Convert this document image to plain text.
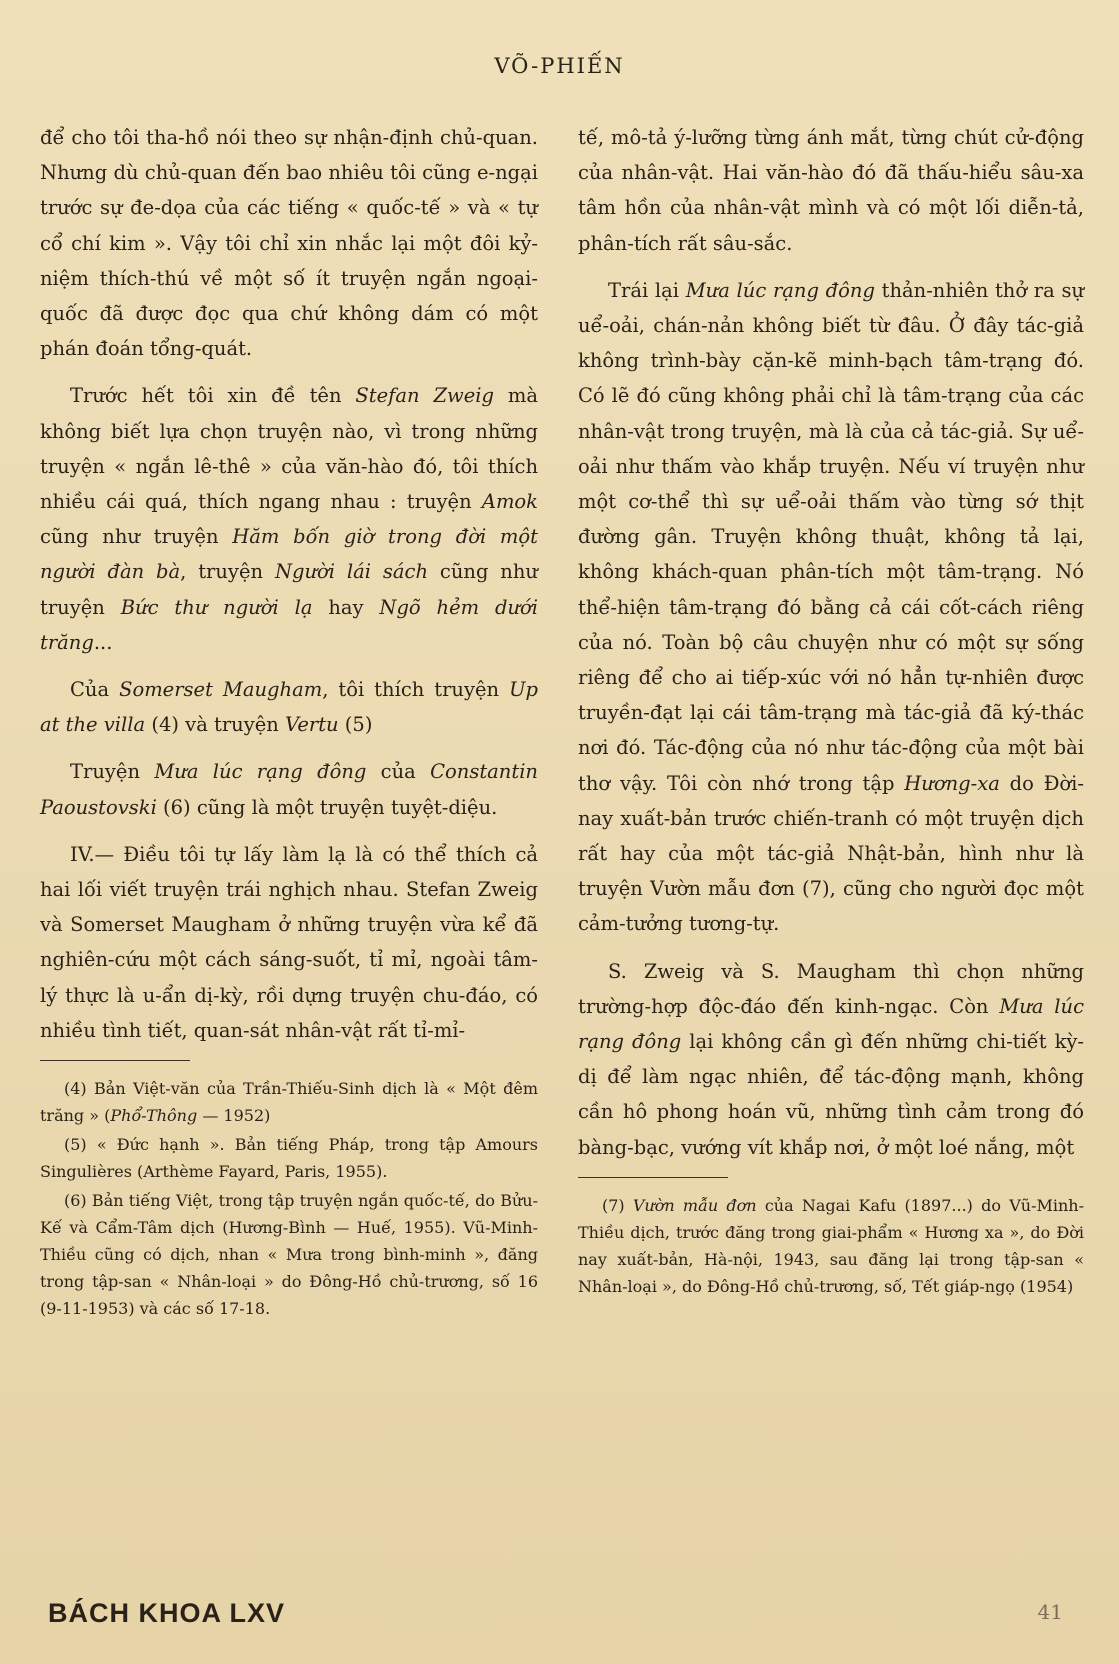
VÕ-PHIẾN

để cho tôi tha-hồ nói theo sự nhận-định chủ-quan. Nhưng dù chủ-quan đến bao nhiêu tôi cũng e-ngại trước sự đe-dọa của các tiếng « quốc-tế » và « tự cổ chí kim ». Vậy tôi chỉ xin nhắc lại một đôi kỷ-niệm thích-thú về một số ít truyện ngắn ngoại-quốc đã được đọc qua chứ không dám có một phán đoán tổng-quát.

Trước hết tôi xin đề tên Stefan Zweig mà không biết lựa chọn truyện nào, vì trong những truyện « ngắn lê-thê » của văn-hào đó, tôi thích nhiều cái quá, thích ngang nhau : truyện Amok cũng như truyện Hăm bốn giờ trong đời một người đàn bà, truyện Người lái sách cũng như truyện Bức thư người lạ hay Ngõ hẻm dưới trăng...

Của Somerset Maugham, tôi thích truyện Up at the villa (4) và truyện Vertu (5)

Truyện Mưa lúc rạng đông của Constantin Paoustovski (6) cũng là một truyện tuyệt-diệu.

IV.— Điều tôi tự lấy làm lạ là có thể thích cả hai lối viết truyện trái nghịch nhau. Stefan Zweig và Somerset Maugham ở những truyện vừa kể đã nghiên-cứu một cách sáng-suốt, tỉ mỉ, ngoài tâm-lý thực là u-ẩn dị-kỳ, rồi dựng truyện chu-đáo, có nhiều tình tiết, quan-sát nhân-vật rất tỉ-mỉ-

(4) Bản Việt-văn của Trần-Thiếu-Sinh dịch là « Một đêm trăng » (Phổ-Thông — 1952)
(5) « Đức hạnh ». Bản tiếng Pháp, trong tập Amours Singulières (Arthème Fayard, Paris, 1955).
(6) Bản tiếng Việt, trong tập truyện ngắn quốc-tế, do Bửu-Kế và Cẩm-Tâm dịch (Hương-Bình — Huế, 1955). Vũ-Minh-Thiều cũng có dịch, nhan « Mưa trong bình-minh », đăng trong tập-san « Nhân-loại » do Đông-Hồ chủ-trương, số 16 (9-11-1953) và các số 17-18.

tế, mô-tả ý-lưỡng từng ánh mắt, từng chút cử-động của nhân-vật. Hai văn-hào đó đã thấu-hiểu sâu-xa tâm hồn của nhân-vật mình và có một lối diễn-tả, phân-tích rất sâu-sắc.

Trái lại Mưa lúc rạng đông thản-nhiên thở ra sự uể-oải, chán-nản không biết từ đâu. Ở đây tác-giả không trình-bày cặn-kẽ minh-bạch tâm-trạng đó. Có lẽ đó cũng không phải chỉ là tâm-trạng của các nhân-vật trong truyện, mà là của cả tác-giả. Sự uể-oải như thấm vào khắp truyện. Nếu ví truyện như một cơ-thể thì sự uể-oải thấm vào từng sớ thịt đường gân. Truyện không thuật, không tả lại, không khách-quan phân-tích một tâm-trạng. Nó thể-hiện tâm-trạng đó bằng cả cái cốt-cách riêng của nó. Toàn bộ câu chuyện như có một sự sống riêng để cho ai tiếp-xúc với nó hẳn tự-nhiên được truyền-đạt lại cái tâm-trạng mà tác-giả đã ký-thác nơi đó. Tác-động của nó như tác-động của một bài thơ vậy. Tôi còn nhớ trong tập Hương-xa do Đời-nay xuất-bản trước chiến-tranh có một truyện dịch rất hay của một tác-giả Nhật-bản, hình như là truyện Vườn mẫu đơn (7), cũng cho người đọc một cảm-tưởng tương-tự.

S. Zweig và S. Maugham thì chọn những trường-hợp độc-đáo đến kinh-ngạc. Còn Mưa lúc rạng đông lại không cần gì đến những chi-tiết kỳ-dị để làm ngạc nhiên, để tác-động mạnh, không cần hô phong hoán vũ, những tình cảm trong đó bàng-bạc, vướng vít khắp nơi, ở một loé nắng, một

(7) Vườn mẫu đơn của Nagai Kafu (1897...) do Vũ-Minh-Thiều dịch, trước đăng trong giai-phẩm « Hương xa », do Đời nay xuất-bản, Hà-nội, 1943, sau đăng lại trong tập-san « Nhân-loại », do Đông-Hồ chủ-trương, số, Tết giáp-ngọ (1954)
BÁCH KHOA LXV	41
